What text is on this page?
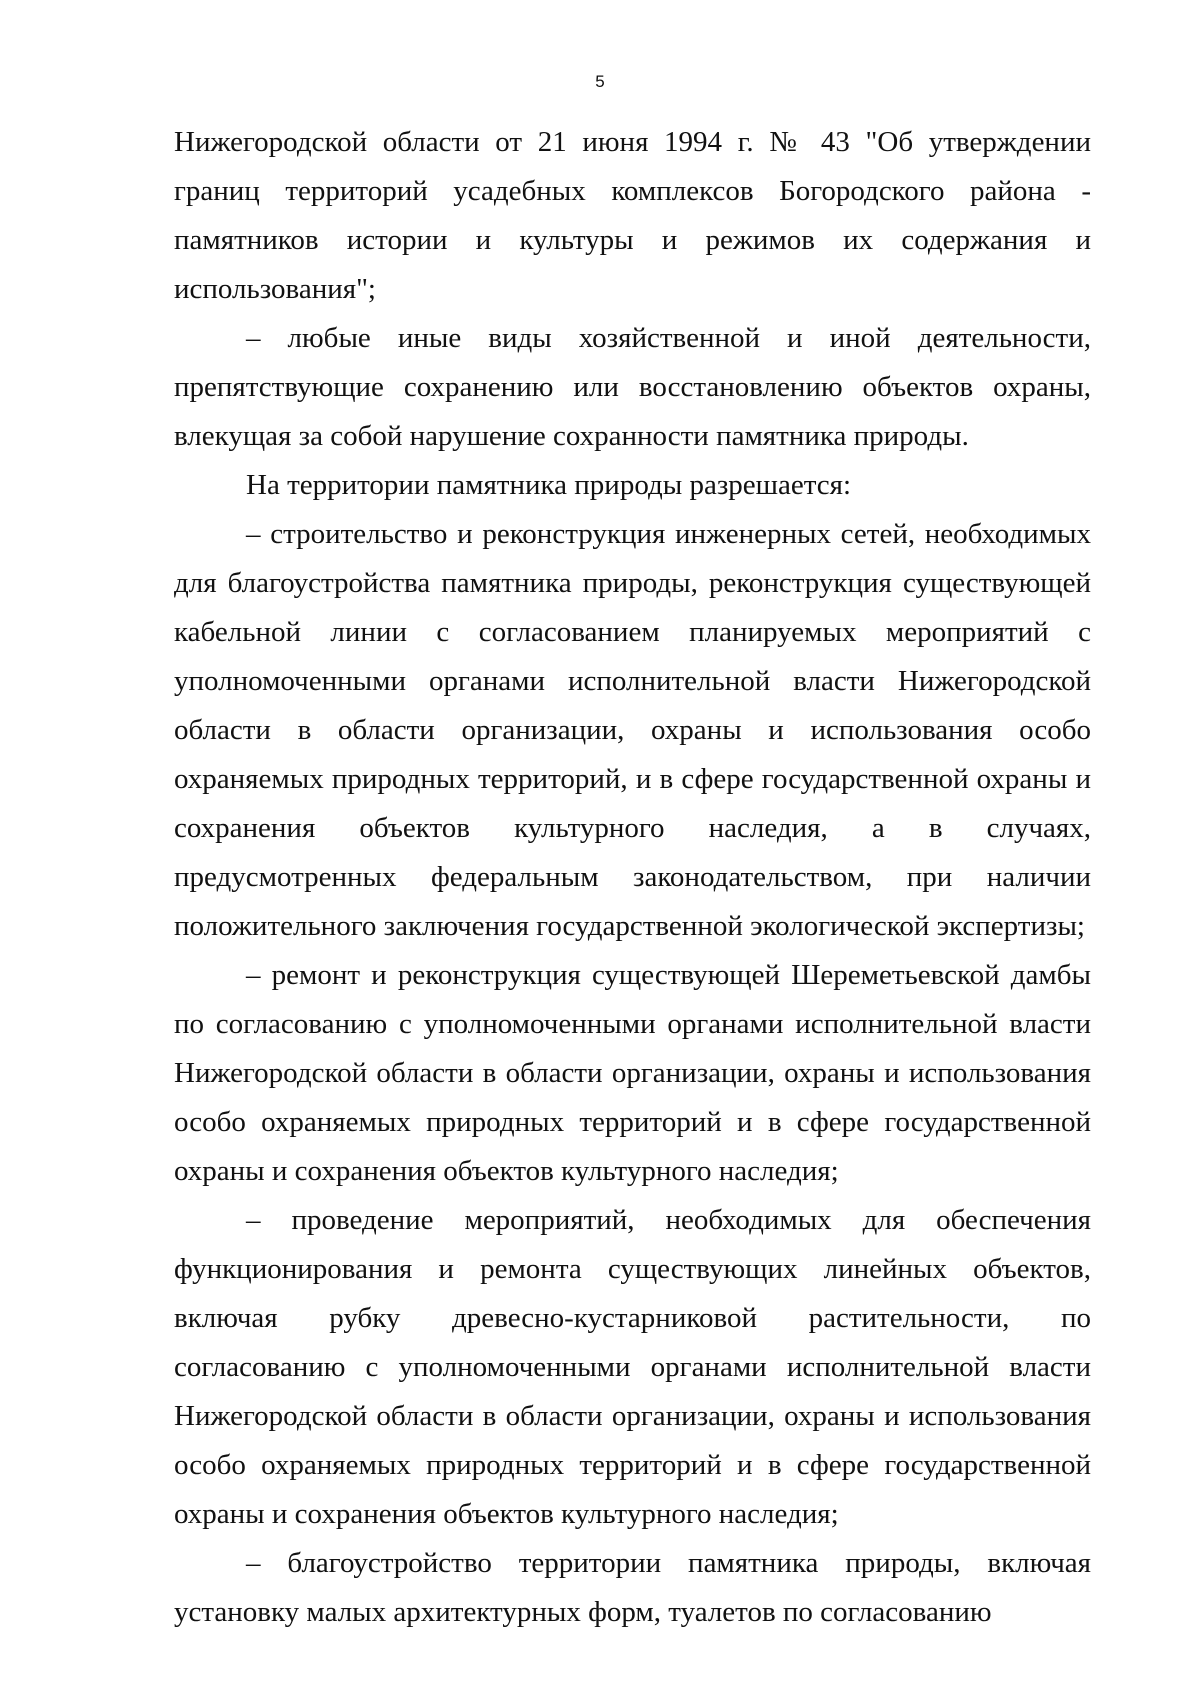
5

Нижегородской области от 21 июня 1994 г. № 43 "Об утверждении границ территорий усадебных комплексов Богородского района - памятников истории и культуры и режимов их содержания и использования";

– любые иные виды хозяйственной и иной деятельности, препятствующие сохранению или восстановлению объектов охраны, влекущая за собой нарушение сохранности памятника природы.

На территории памятника природы разрешается:

– строительство и реконструкция инженерных сетей, необходимых для благоустройства памятника природы, реконструкция существующей кабельной линии с согласованием планируемых мероприятий с уполномоченными органами исполнительной власти Нижегородской области в области организации, охраны и использования особо охраняемых природных территорий, и в сфере государственной охраны и сохранения объектов культурного наследия, а в случаях, предусмотренных федеральным законодательством, при наличии положительного заключения государственной экологической экспертизы;

– ремонт и реконструкция существующей Шереметьевской дамбы по согласованию с уполномоченными органами исполнительной власти Нижегородской области в области организации, охраны и использования особо охраняемых природных территорий и в сфере государственной охраны и сохранения объектов культурного наследия;

– проведение мероприятий, необходимых для обеспечения функционирования и ремонта существующих линейных объектов, включая рубку древесно-кустарниковой растительности, по согласованию с уполномоченными органами исполнительной власти Нижегородской области в области организации, охраны и использования особо охраняемых природных территорий и в сфере государственной охраны и сохранения объектов культурного наследия;

– благоустройство территории памятника природы, включая установку малых архитектурных форм, туалетов по согласованию
